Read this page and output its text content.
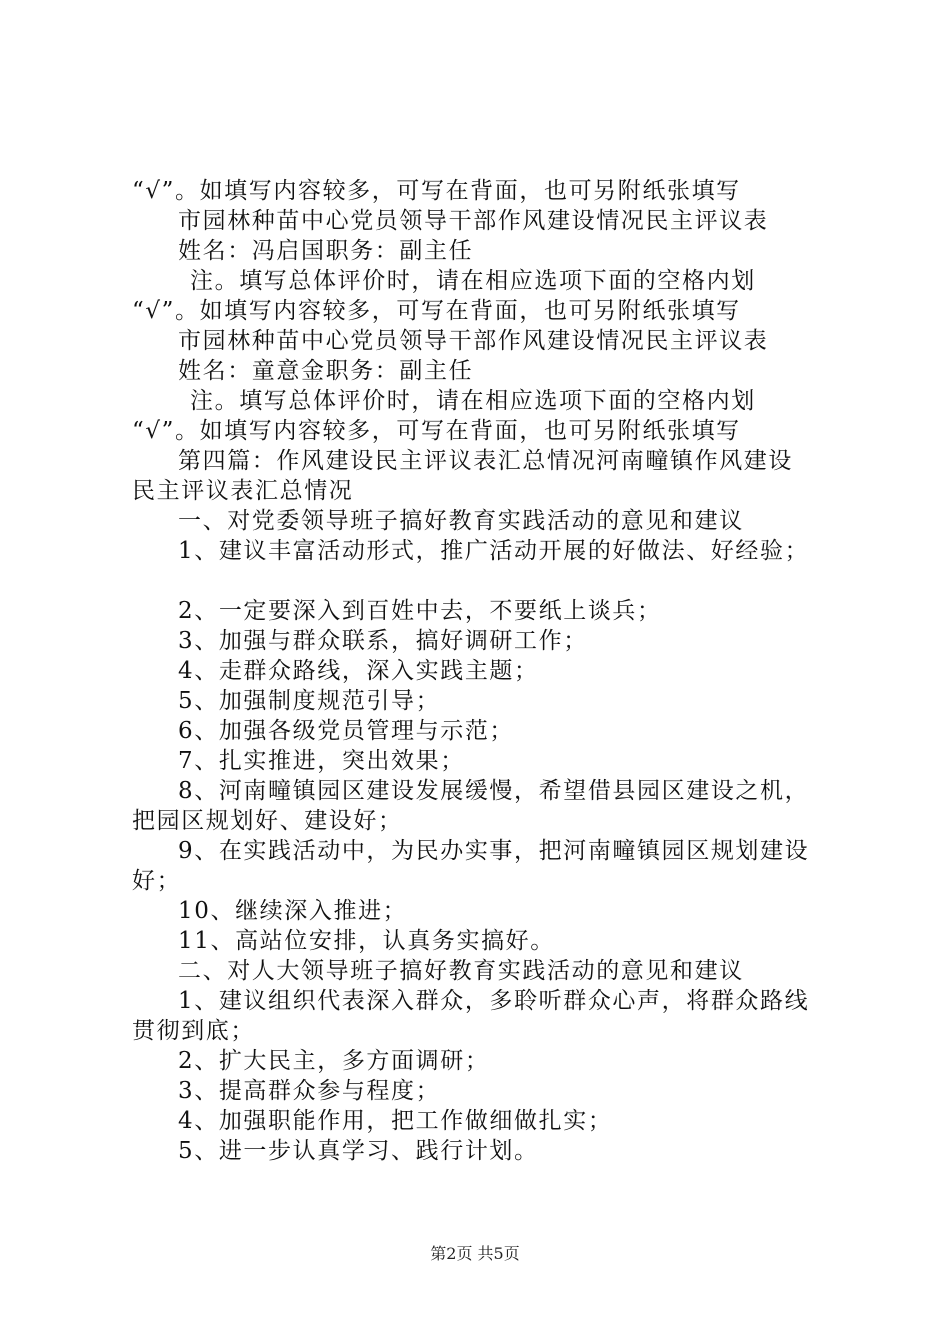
“√”。如填写内容较多，可写在背面，也可另附纸张填写
市园林种苗中心党员领导干部作风建设情况民主评议表
姓名：冯启国职务：副主任
注。填写总体评价时，请在相应选项下面的空格内划
“√”。如填写内容较多，可写在背面，也可另附纸张填写
市园林种苗中心党员领导干部作风建设情况民主评议表
姓名：童意金职务：副主任
注。填写总体评价时，请在相应选项下面的空格内划
“√”。如填写内容较多，可写在背面，也可另附纸张填写
第四篇：作风建设民主评议表汇总情况河南疃镇作风建设
民主评议表汇总情况
一、对党委领导班子搞好教育实践活动的意见和建议
1、建议丰富活动形式，推广活动开展的好做法、好经验；
2、一定要深入到百姓中去，不要纸上谈兵；
3、加强与群众联系，搞好调研工作；
4、走群众路线，深入实践主题；
5、加强制度规范引导；
6、加强各级党员管理与示范；
7、扎实推进，突出效果；
8、河南疃镇园区建设发展缓慢，希望借县园区建设之机，
把园区规划好、建设好；
9、在实践活动中，为民办实事，把河南疃镇园区规划建设
好；
10、继续深入推进；
11、高站位安排，认真务实搞好。
二、对人大领导班子搞好教育实践活动的意见和建议
1、建议组织代表深入群众，多聆听群众心声，将群众路线
贯彻到底；
2、扩大民主，多方面调研；
3、提高群众参与程度；
4、加强职能作用，把工作做细做扎实；
5、进一步认真学习、践行计划。
第2页 共5页
